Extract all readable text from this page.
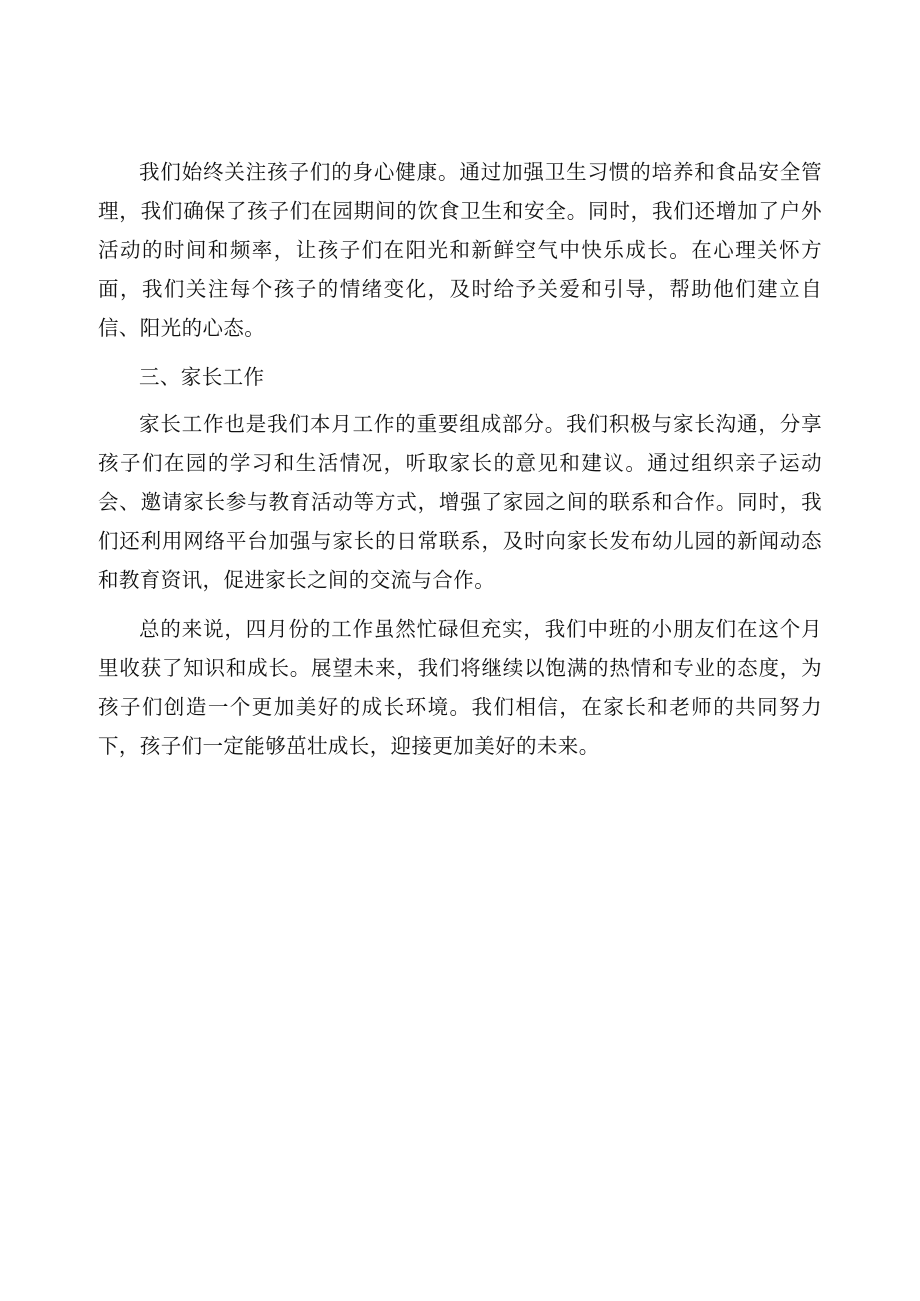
我们始终关注孩子们的身心健康。通过加强卫生习惯的培养和食品安全管理，我们确保了孩子们在园期间的饮食卫生和安全。同时，我们还增加了户外活动的时间和频率，让孩子们在阳光和新鲜空气中快乐成长。在心理关怀方面，我们关注每个孩子的情绪变化，及时给予关爱和引导，帮助他们建立自信、阳光的心态。

三、家长工作

家长工作也是我们本月工作的重要组成部分。我们积极与家长沟通，分享孩子们在园的学习和生活情况，听取家长的意见和建议。通过组织亲子运动会、邀请家长参与教育活动等方式，增强了家园之间的联系和合作。同时，我们还利用网络平台加强与家长的日常联系，及时向家长发布幼儿园的新闻动态和教育资讯，促进家长之间的交流与合作。

总的来说，四月份的工作虽然忙碌但充实，我们中班的小朋友们在这个月里收获了知识和成长。展望未来，我们将继续以饱满的热情和专业的态度，为孩子们创造一个更加美好的成长环境。我们相信，在家长和老师的共同努力下，孩子们一定能够茁壮成长，迎接更加美好的未来。
